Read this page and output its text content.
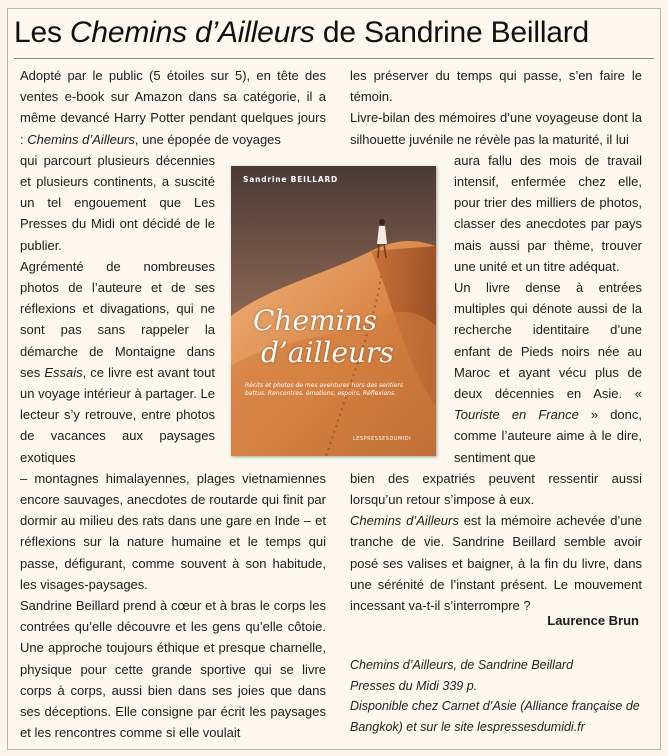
Les Chemins d’Ailleurs de Sandrine Beillard

Adopté par le public (5 étoiles sur 5), en tête des ventes e-book sur Amazon dans sa catégorie, il a même devancé Harry Potter pendant quelques jours : Chemins d’Ailleurs, une épopée de voyages

qui parcourt plusieurs décennies et plusieurs continents, a suscité un tel engouement que Les Presses du Midi ont décidé de le publier.

Agrémenté de nombreuses photos de l’auteure et de ses réflexions et divagations, qui ne sont pas sans rappeler la démarche de Montaigne dans ses Essais, ce livre est avant tout un voyage intérieur à partager. Le lecteur s’y retrouve, entre photos de vacances aux paysages exotiques

– montagnes himalayennes, plages vietnamiennes encore sauvages, anecdotes de routarde qui finit par dormir au milieu des rats dans une gare en Inde – et réflexions sur la nature humaine et le temps qui passe, défigurant, comme souvent à son habitude, les visages-paysages.

Sandrine Beillard prend à cœur et à bras le corps les contrées qu’elle découvre et les gens qu’elle côtoie. Une approche toujours éthique et presque charnelle, physique pour cette grande sportive qui se livre corps à corps, aussi bien dans ses joies que dans ses déceptions. Elle consigne par écrit les paysages et les rencontres comme si elle voulait

Sandrine BEILLARD
Chemins
d’ailleurs
Récits et photos de mes aventures hors des sentiers battus. Rencontres, émotions, espoirs, Réflexions.
LESPRESSESDUMIDI

les préserver du temps qui passe, s’en faire le témoin.

Livre-bilan des mémoires d’une voyageuse dont la silhouette juvénile ne révèle pas la maturité, il lui

aura fallu des mois de travail intensif, enfermée chez elle, pour trier des milliers de photos, classer des anecdotes par pays mais aussi par thème, trouver une unité et un titre adéquat.

Un livre dense à entrées multiples qui dénote aussi de la recherche identitaire d’une enfant de Pieds noirs née au Maroc et ayant vécu plus de deux décennies en Asie. « Touriste en France » donc, comme l’auteure aime à le dire, sentiment que

bien des expatriés peuvent ressentir aussi lorsqu’un retour s’impose à eux.

Chemins d’Ailleurs est la mémoire achevée d’une tranche de vie. Sandrine Beillard semble avoir posé ses valises et baigner, à la fin du livre, dans une sérénité de l’instant présent. Le mouvement incessant va-t-il s’interrompre ?

Laurence Brun

Chemins d’Ailleurs, de Sandrine Beillard

Presses du Midi 339 p.

Disponible chez Carnet d’Asie (Alliance française de Bangkok) et sur le site lespressesdumidi.fr
